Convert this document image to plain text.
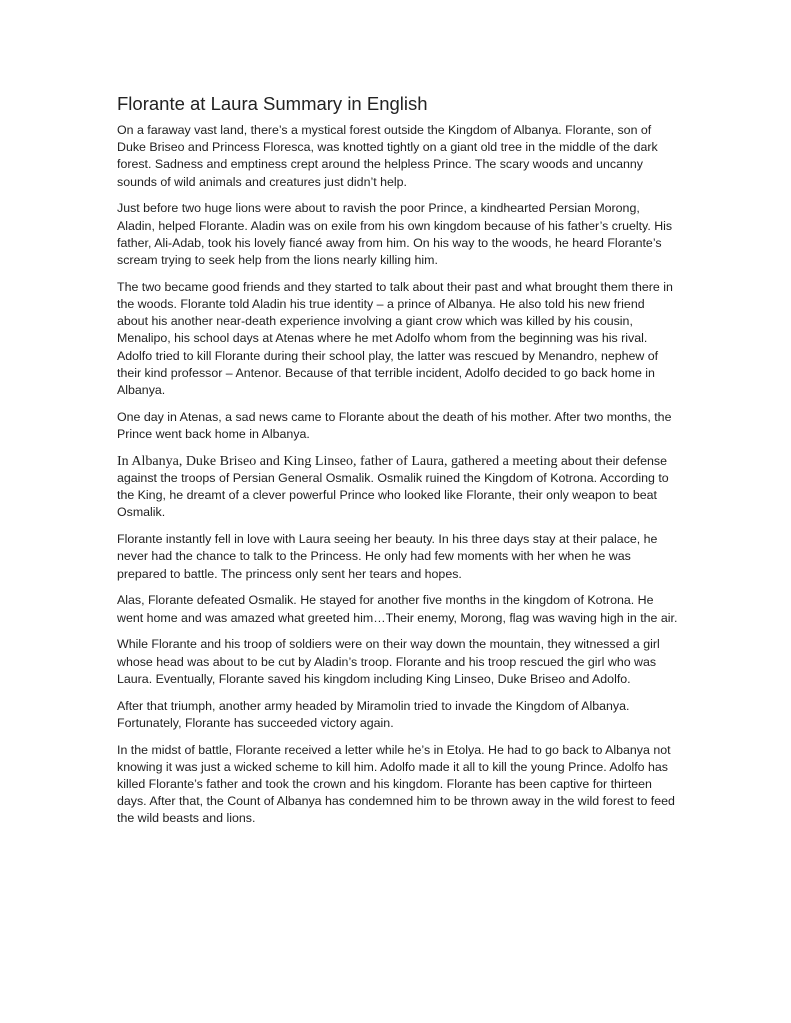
Florante at Laura Summary in English

On a faraway vast land, there’s a mystical forest outside the Kingdom of Albanya. Florante, son of Duke Briseo and Princess Floresca, was knotted tightly on a giant old tree in the middle of the dark forest. Sadness and emptiness crept around the helpless Prince. The scary woods and uncanny sounds of wild animals and creatures just didn’t help.

Just before two huge lions were about to ravish the poor Prince, a kindhearted Persian Morong, Aladin, helped Florante. Aladin was on exile from his own kingdom because of his father’s cruelty. His father, Ali-Adab, took his lovely fiancé away from him. On his way to the woods, he heard Florante’s scream trying to seek help from the lions nearly killing him.

The two became good friends and they started to talk about their past and what brought them there in the woods. Florante told Aladin his true identity – a prince of Albanya. He also told his new friend about his another near-death experience involving a giant crow which was killed by his cousin, Menalipo, his school days at Atenas where he met Adolfo whom from the beginning was his rival. Adolfo tried to kill Florante during their school play, the latter was rescued by Menandro, nephew of their kind professor – Antenor. Because of that terrible incident, Adolfo decided to go back home in Albanya.

One day in Atenas, a sad news came to Florante about the death of his mother. After two months, the Prince went back home in Albanya.

In Albanya, Duke Briseo and King Linseo, father of Laura, gathered a meeting about their defense against the troops of Persian General Osmalik. Osmalik ruined the Kingdom of Kotrona. According to the King, he dreamt of a clever powerful Prince who looked like Florante, their only weapon to beat Osmalik.

Florante instantly fell in love with Laura seeing her beauty. In his three days stay at their palace, he never had the chance to talk to the Princess. He only had few moments with her when he was prepared to battle. The princess only sent her tears and hopes.

Alas, Florante defeated Osmalik. He stayed for another five months in the kingdom of Kotrona. He went home and was amazed what greeted him…Their enemy, Morong, flag was waving high in the air.

While Florante and his troop of soldiers were on their way down the mountain, they witnessed a girl whose head was about to be cut by Aladin’s troop. Florante and his troop rescued the girl who was Laura. Eventually, Florante saved his kingdom including King Linseo, Duke Briseo and Adolfo.

After that triumph, another army headed by Miramolin tried to invade the Kingdom of Albanya. Fortunately, Florante has succeeded victory again.

In the midst of battle, Florante received a letter while he’s in Etolya. He had to go back to Albanya not knowing it was just a wicked scheme to kill him. Adolfo made it all to kill the young Prince. Adolfo has killed Florante’s father and took the crown and his kingdom. Florante has been captive for thirteen days. After that, the Count of Albanya has condemned him to be thrown away in the wild forest to feed the wild beasts and lions.
